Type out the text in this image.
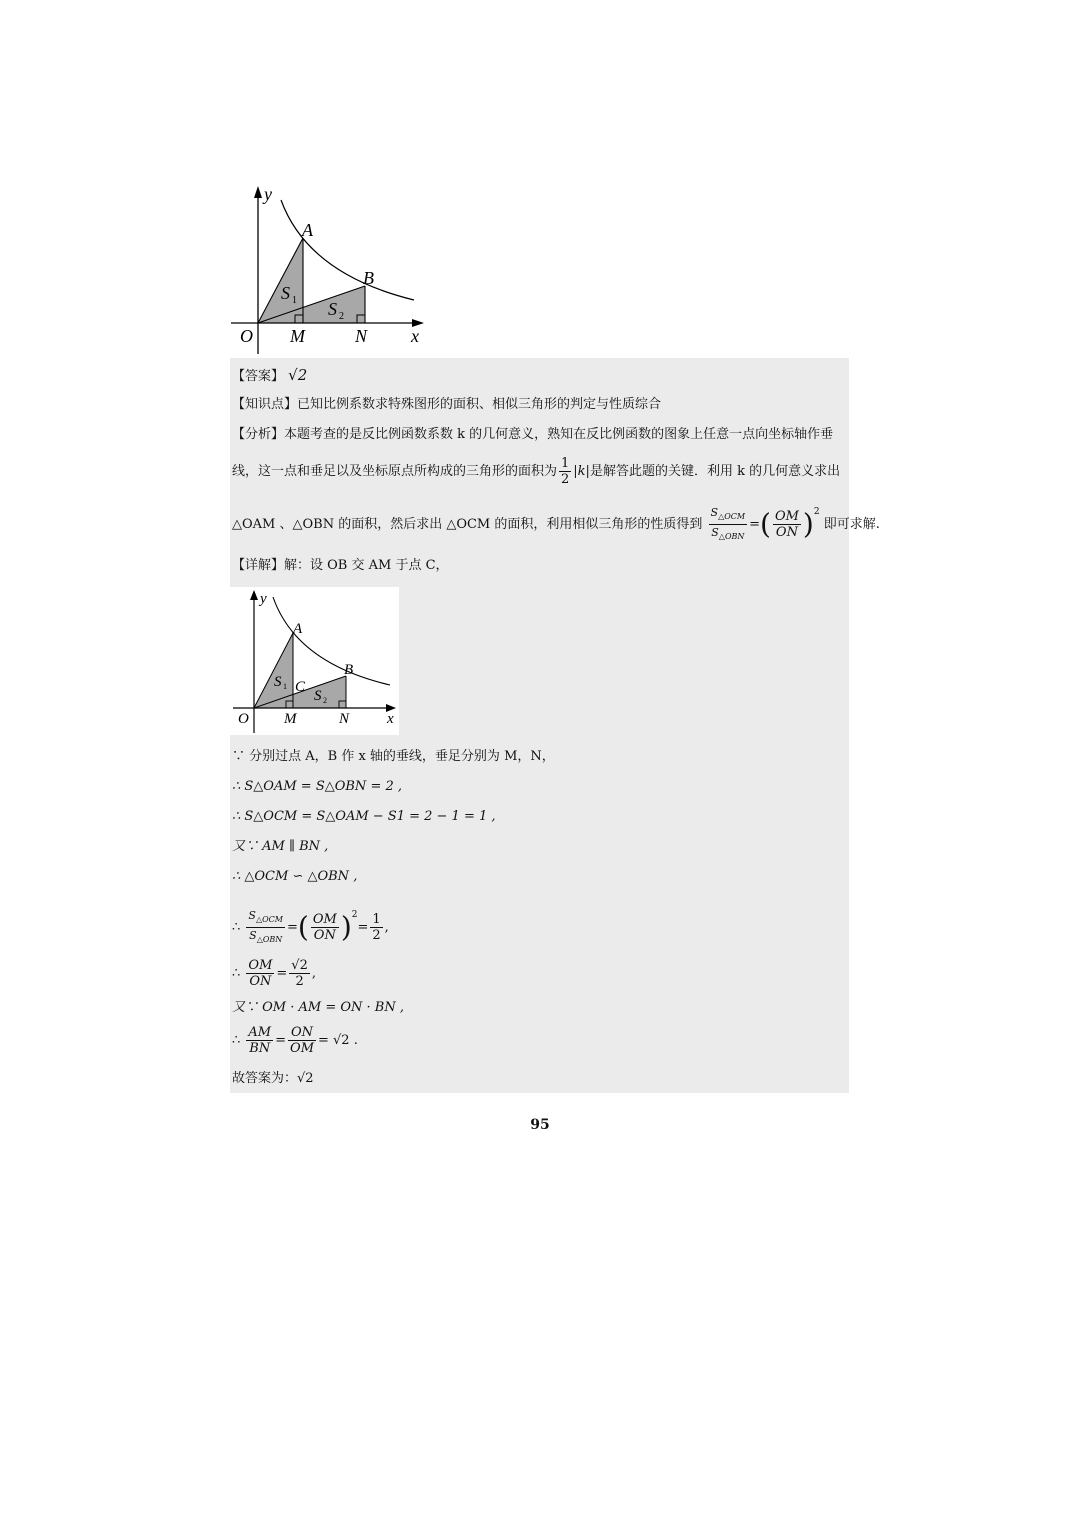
y
x
O M	N
A
B
S 1 S 2
【答案】 √2
【知识点】已知比例系数求特殊图形的面积、相似三角形的判定与性质综合
【分析】本题考查的是反比例函数系数 k 的几何意义，熟知在反比例函数的图象上任意一点向坐标轴作垂
线，这一点和垂足以及坐标原点所构成的三角形的面积为 $\frac{1}{2} |k|$是解答此题的关键．利用 k 的几何意义求出
△OAM 、△OBN 的面积，然后求出 △OCM 的面积，利用相似三角形的性质得到 $\frac{S_{\triangle OCM}}{S_{\triangle OBN}}$ =( $\frac{OM}{ON} )^2$ 即可求解.
【详解】解：设 OB 交 AM 于点 C，
y
x
O M	N
A
B
C
S 1
S 2
∵ 分别过点 A，B 作 x 轴的垂线，垂足分别为 M，N，
∴ S△OAM = S△OBN = 2 ,
∴ S△OCM = S△OAM − S1 = 2 − 1 = 1 ,
又∵ AM ∥ BN ,
∴ △OCM ∽ △OBN ,
∴ $\frac{S_{\triangle OCM}}{S_{\triangle OBN}}$ =( $\frac{OM}{ON} )^2= \frac{1}{2}$ ,
∴ $\frac{OM}{ON} = \frac{√2}{2}$ ,
又∵ OM · AM = ON · BN ,
∴ $\frac{AM}{BN} = \frac{ON}{OM} = √2$ .
故答案为：√2
95
